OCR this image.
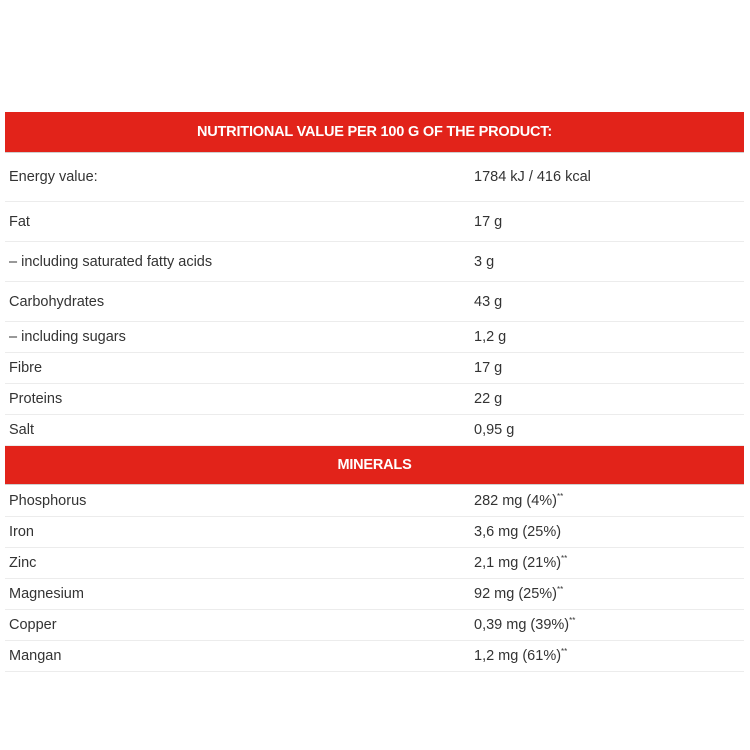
NUTRITIONAL VALUE PER 100 G OF THE PRODUCT:
Energy value:	1784 kJ / 416 kcal
Fat	17 g
– including saturated fatty acids	3 g
Carbohydrates	43 g
– including sugars	1,2 g
Fibre	17 g
Proteins	22 g
Salt	0,95 g
MINERALS
Phosphorus	282 mg (4%)**
Iron	3,6 mg (25%)
Zinc	2,1 mg (21%)**
Magnesium	92 mg (25%)**
Copper	0,39 mg (39%)**
Mangan	1,2 mg (61%)**
